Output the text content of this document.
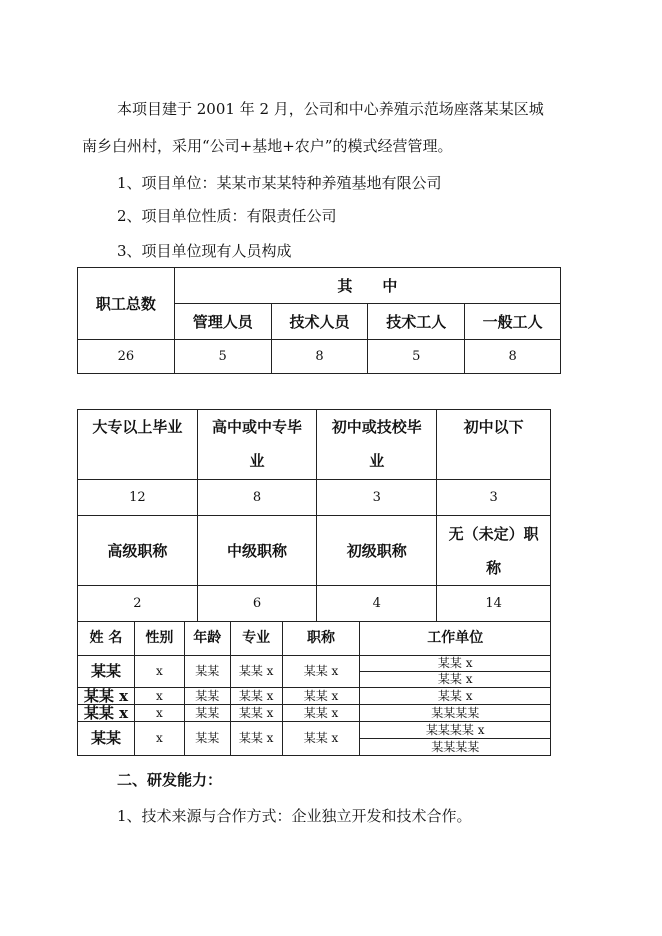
本项目建于 2001 年 2 月，公司和中心养殖示范场座落某某区城
南乡白州村，采用“公司+基地+农户”的模式经营管理。
1、项目单位：某某市某某特种养殖基地有限公司
2、项目单位性质：有限责任公司
3、项目单位现有人员构成
职工总数	其　　中			
	管理人员	技术人员	技术工人	一般工人
26	5	8	5	8
大专以上毕业	高中或中专毕业	初中或技校毕业	初中以下
12	8	3	3
高级职称	中级职称	初级职称	无（未定）职称
2	6	4	14
姓 名	性别	年龄	专业	职称	工作单位
某某	x	某某	某某 x	某某 x	某某 x
					某某 x
某某 x	x	某某	某某 x	某某 x	某某 x
某某 x	x	某某	某某 x	某某 x	某某某某
某某	x	某某	某某 x	某某 x	某某某某 x
					某某某某
二、研发能力：
1、技术来源与合作方式：企业独立开发和技术合作。
